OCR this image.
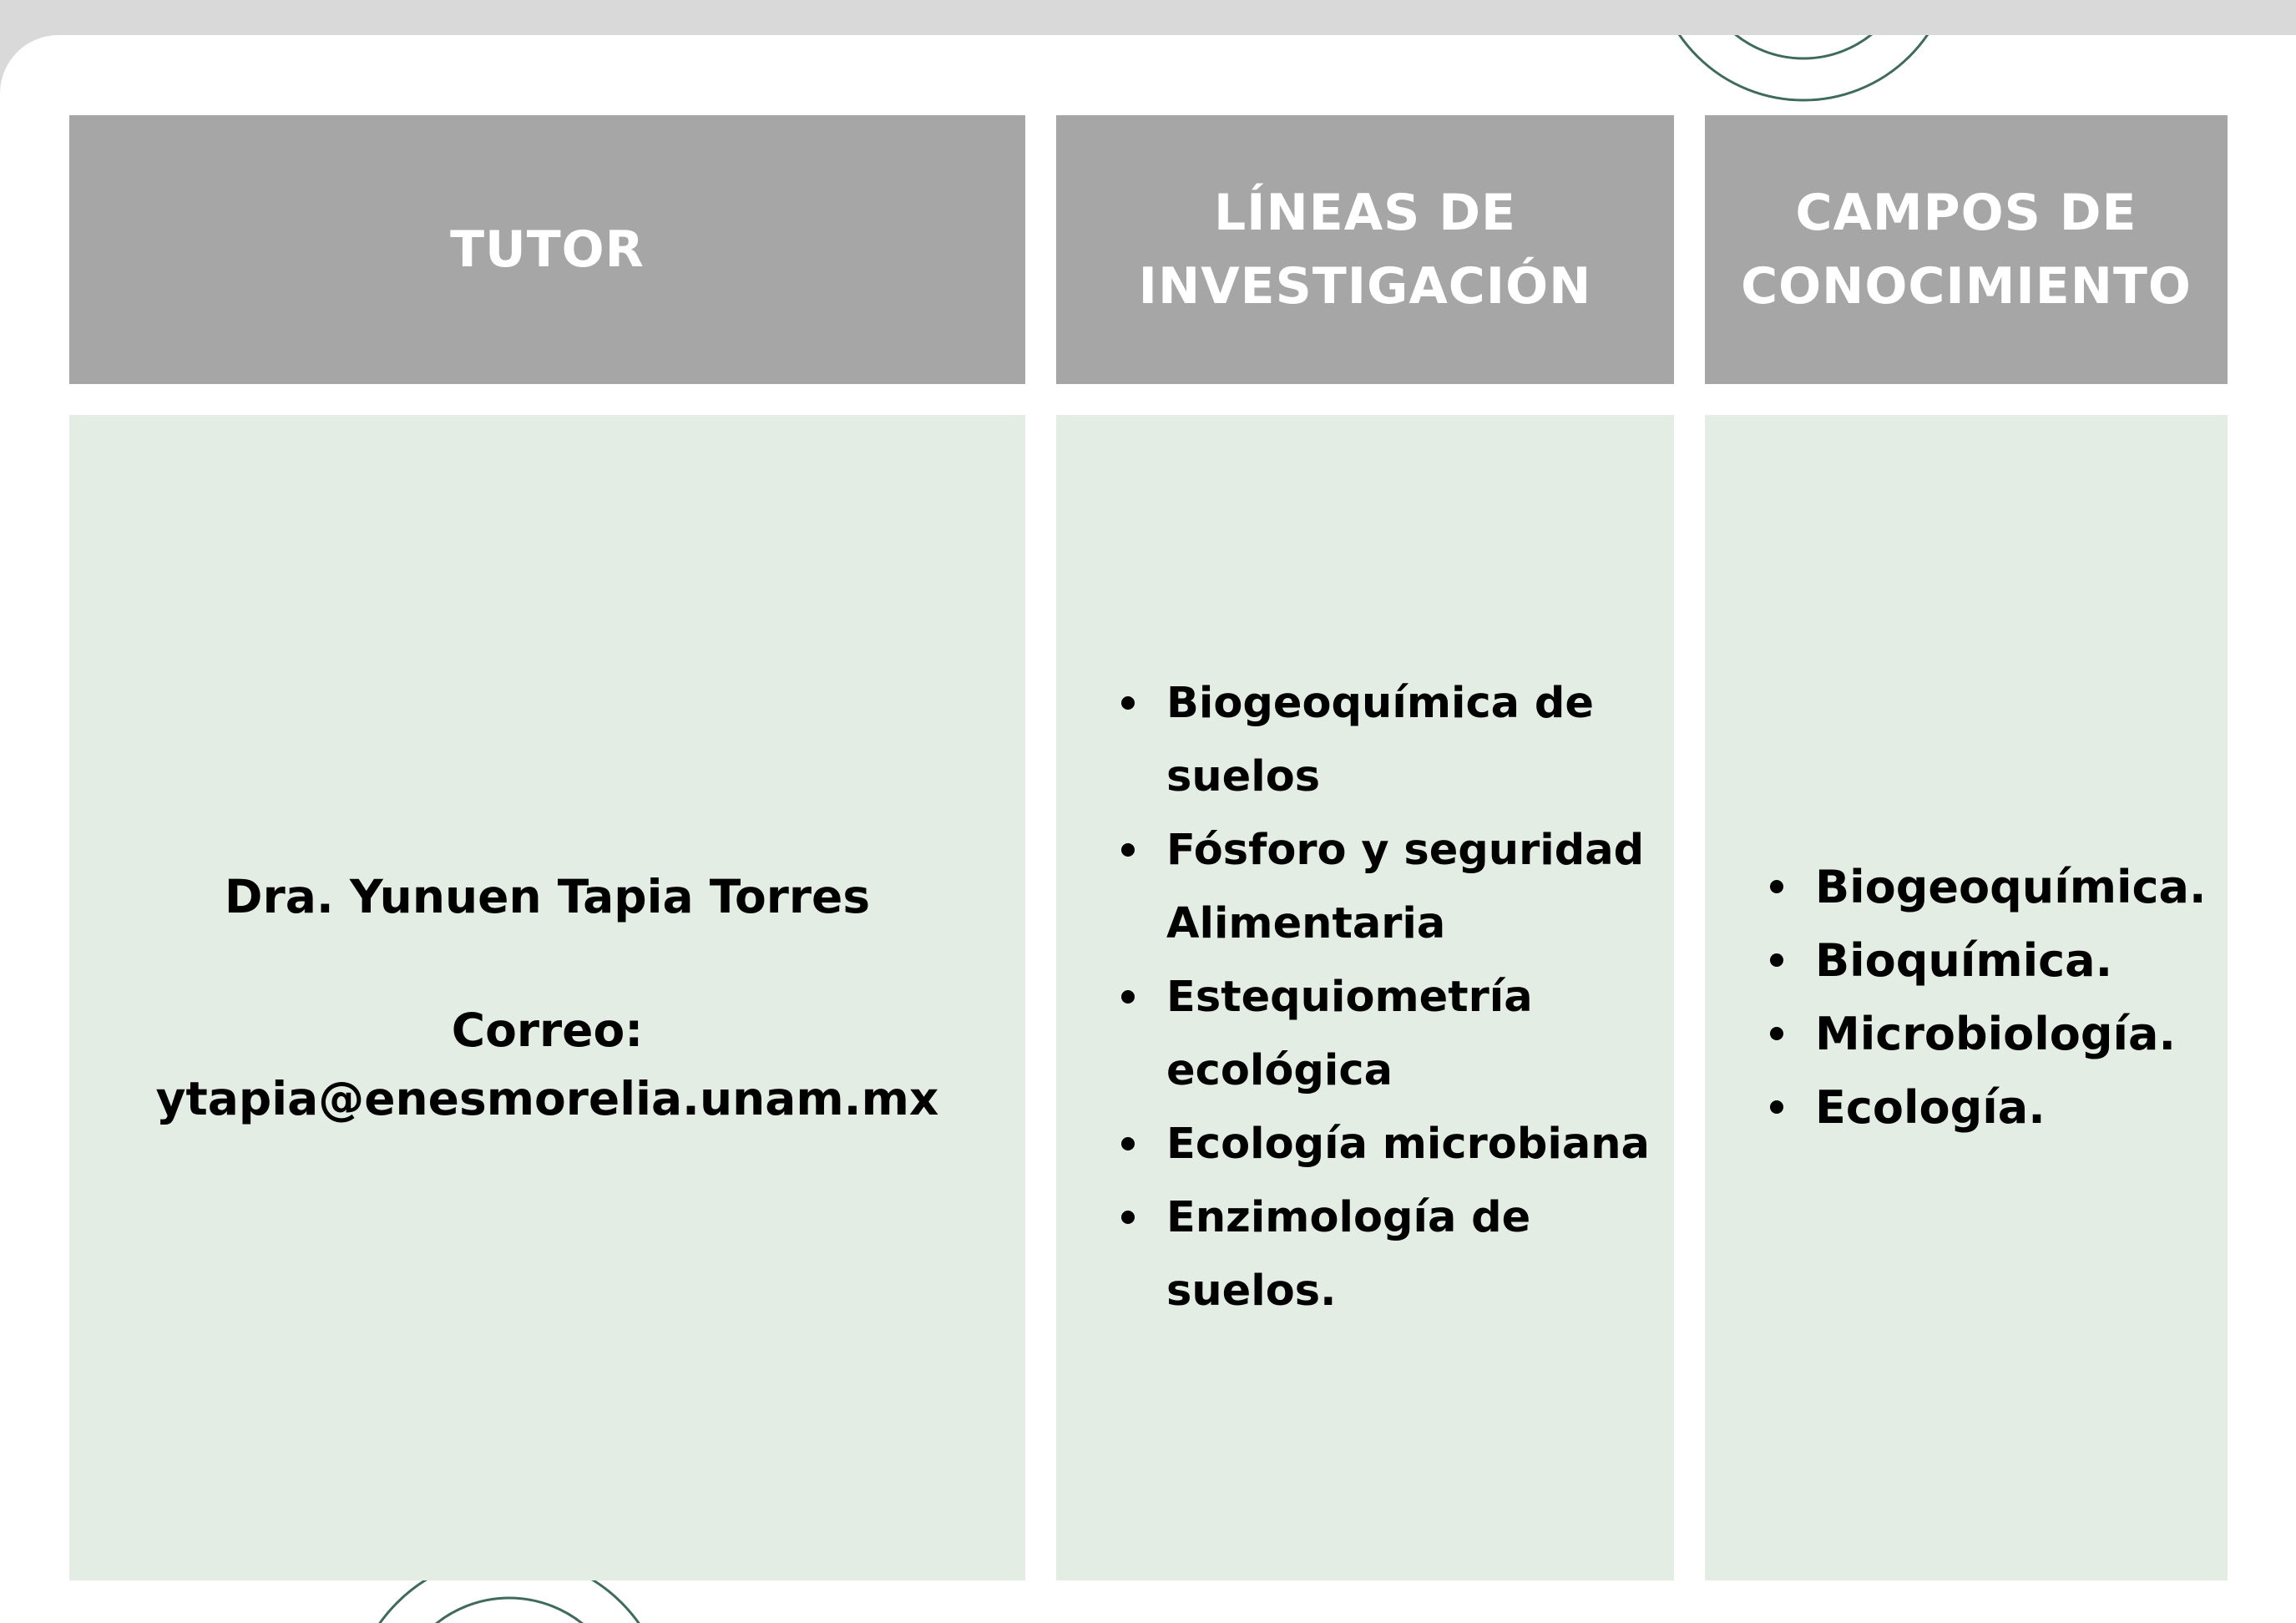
TUTOR
LÍNEAS DE
INVESTIGACIÓN
CAMPOS DE
CONOCIMIENTO
Dra. Yunuen Tapia Torres
Correo:
ytapia@enesmorelia.unam.mx
Biogeoquímica de suelos
Fósforo y seguridad Alimentaria
Estequiometría ecológica
Ecología microbiana
Enzimología de suelos.
Biogeoquímica.
Bioquímica.
Microbiología.
Ecología.
